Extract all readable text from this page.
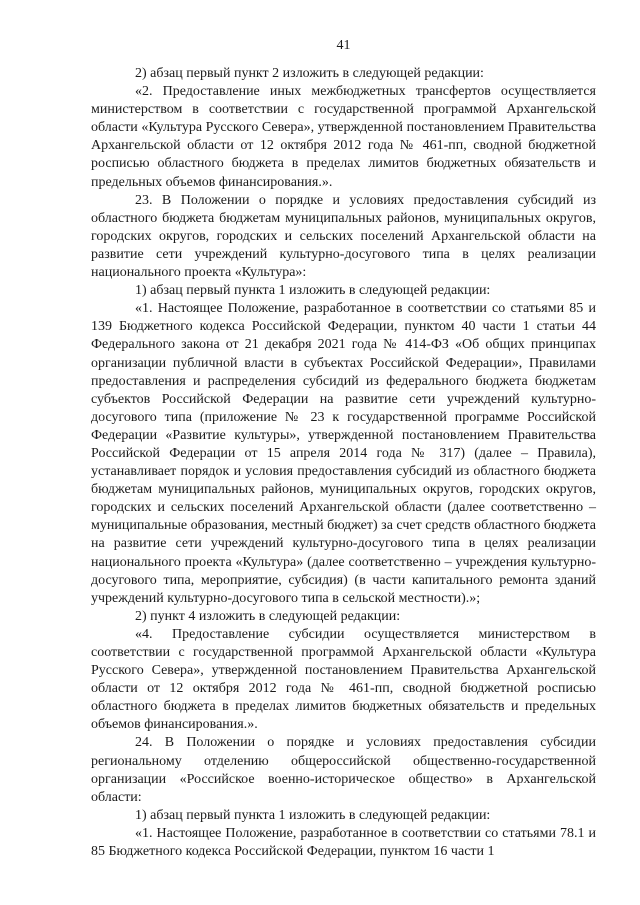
41

2) абзац первый пункт 2 изложить в следующей редакции:

«2. Предоставление иных межбюджетных трансфертов осуществляется министерством в соответствии с государственной программой Архангельской области «Культура Русского Севера», утвержденной постановлением Правительства Архангельской области от 12 октября 2012 года № 461-пп, сводной бюджетной росписью областного бюджета в пределах лимитов бюджетных обязательств и предельных объемов финансирования.».

23. В Положении о порядке и условиях предоставления субсидий из областного бюджета бюджетам муниципальных районов, муниципальных округов, городских округов, городских и сельских поселений Архангельской области на развитие сети учреждений культурно-досугового типа в целях реализации национального проекта «Культура»:

1) абзац первый пункта 1 изложить в следующей редакции:

«1. Настоящее Положение, разработанное в соответствии со статьями 85 и 139 Бюджетного кодекса Российской Федерации, пунктом 40 части 1 статьи 44 Федерального закона от 21 декабря 2021 года № 414-ФЗ «Об общих принципах организации публичной власти в субъектах Российской Федерации», Правилами предоставления и распределения субсидий из федерального бюджета бюджетам субъектов Российской Федерации на развитие сети учреждений культурно-досугового типа (приложение № 23 к государственной программе Российской Федерации «Развитие культуры», утвержденной постановлением Правительства Российской Федерации от 15 апреля 2014 года № 317) (далее – Правила), устанавливает порядок и условия предоставления субсидий из областного бюджета бюджетам муниципальных районов, муниципальных округов, городских округов, городских и сельских поселений Архангельской области (далее соответственно – муниципальные образования, местный бюджет) за счет средств областного бюджета на развитие сети учреждений культурно-досугового типа в целях реализации национального проекта «Культура» (далее соответственно – учреждения культурно-досугового типа, мероприятие, субсидия) (в части капитального ремонта зданий учреждений культурно-досугового типа в сельской местности).»;

2) пункт 4 изложить в следующей редакции:

«4. Предоставление субсидии осуществляется министерством в соответствии с государственной программой Архангельской области «Культура Русского Севера», утвержденной постановлением Правительства Архангельской области от 12 октября 2012 года № 461-пп, сводной бюджетной росписью областного бюджета в пределах лимитов бюджетных обязательств и предельных объемов финансирования.».

24. В Положении о порядке и условиях предоставления субсидии региональному отделению общероссийской общественно-государственной организации «Российское военно-историческое общество» в Архангельской области:

1) абзац первый пункта 1 изложить в следующей редакции:

«1. Настоящее Положение, разработанное в соответствии со статьями 78.1 и 85 Бюджетного кодекса Российской Федерации, пунктом 16 части 1
